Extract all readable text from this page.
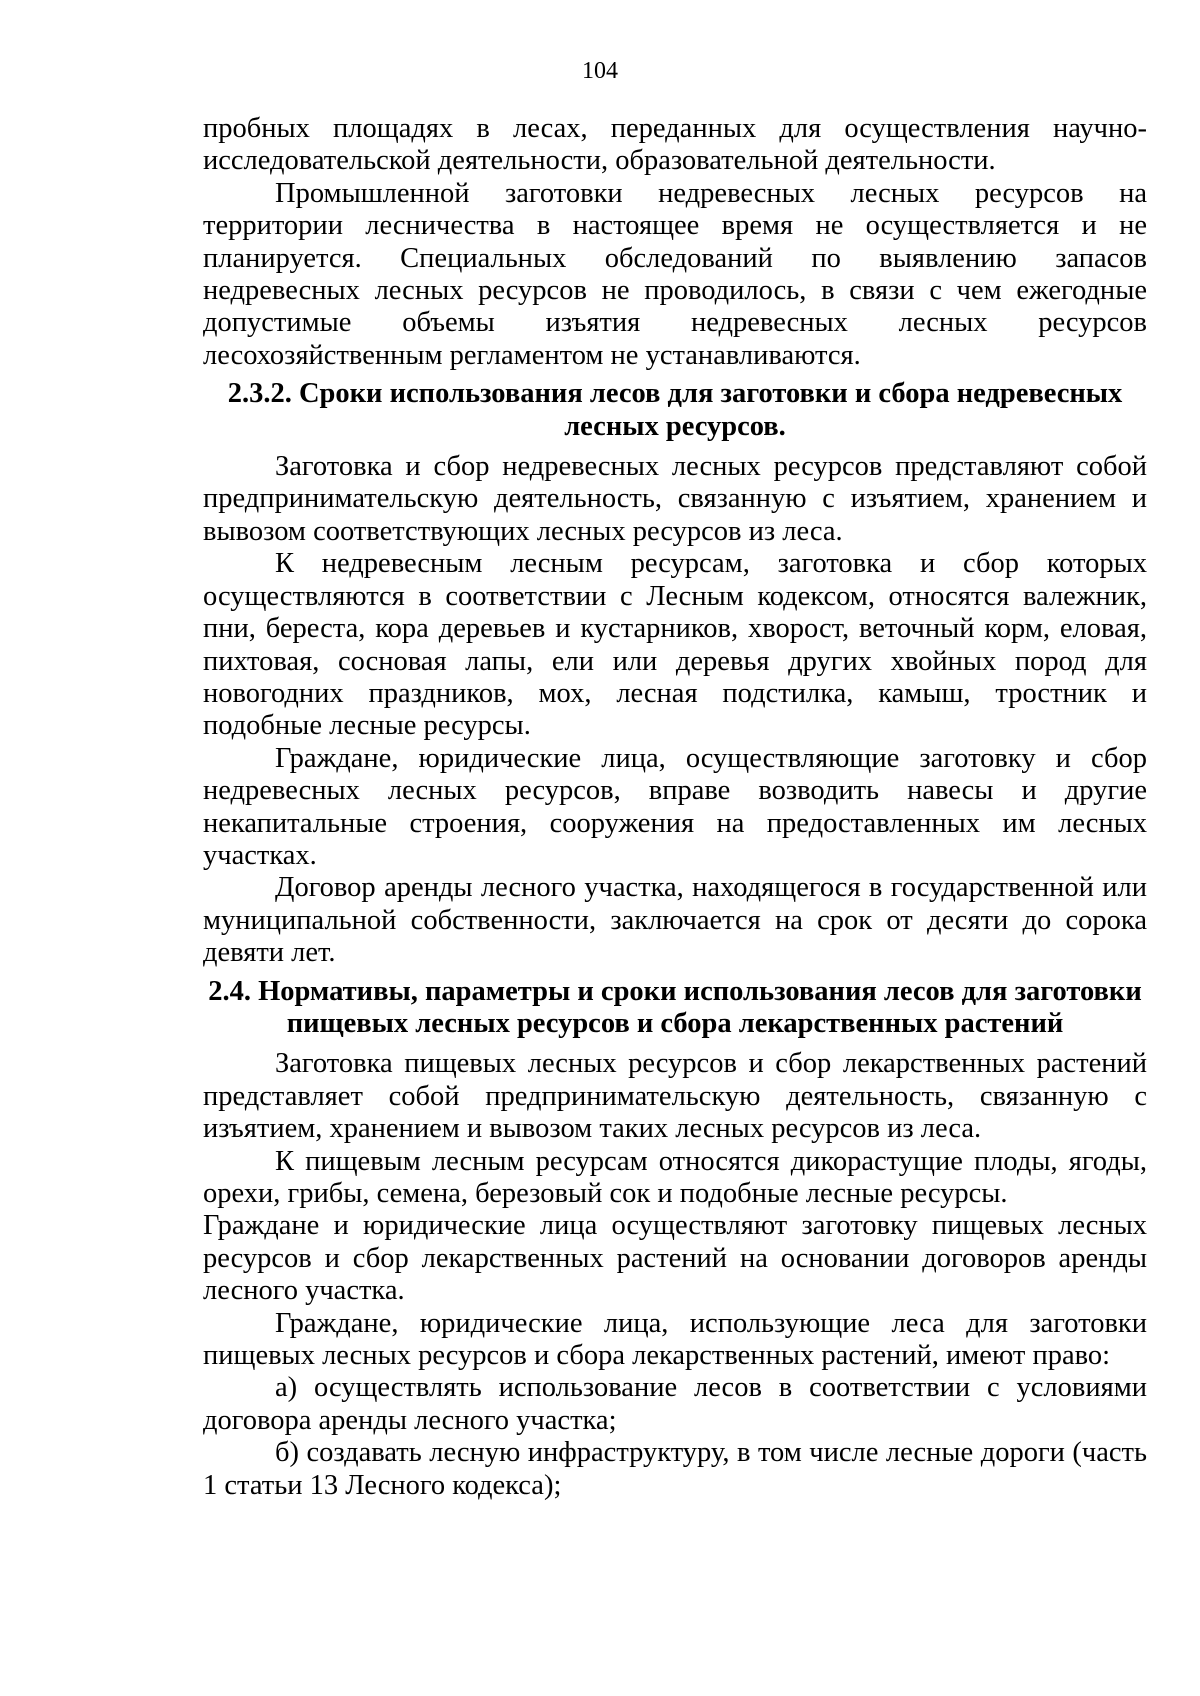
104

пробных площадях в лесах, переданных для осуществления научно-исследовательской деятельности, образовательной деятельности.

Промышленной заготовки недревесных лесных ресурсов на территории лесничества в настоящее время не осуществляется и не планируется. Специальных обследований по выявлению запасов недревесных лесных ресурсов не проводилось, в связи с чем ежегодные допустимые объемы изъятия недревесных лесных ресурсов лесохозяйственным регламентом не устанавливаются.

2.3.2. Сроки использования лесов для заготовки и сбора недревесных лесных ресурсов.

Заготовка и сбор недревесных лесных ресурсов представляют собой предпринимательскую деятельность, связанную с изъятием, хранением и вывозом соответствующих лесных ресурсов из леса.

К недревесным лесным ресурсам, заготовка и сбор которых осуществляются в соответствии с Лесным кодексом, относятся валежник, пни, береста, кора деревьев и кустарников, хворост, веточный корм, еловая, пихтовая, сосновая лапы, ели или деревья других хвойных пород для новогодних праздников, мох, лесная подстилка, камыш, тростник и подобные лесные ресурсы.

Граждане, юридические лица, осуществляющие заготовку и сбор недревесных лесных ресурсов, вправе возводить навесы и другие некапитальные строения, сооружения на предоставленных им лесных участках.

Договор аренды лесного участка, находящегося в государственной или муниципальной собственности, заключается на срок от десяти до сорока девяти лет.

2.4. Нормативы, параметры и сроки использования лесов для заготовки пищевых лесных ресурсов и сбора лекарственных растений

Заготовка пищевых лесных ресурсов и сбор лекарственных растений представляет собой предпринимательскую деятельность, связанную с изъятием, хранением и вывозом таких лесных ресурсов из леса.

К пищевым лесным ресурсам относятся дикорастущие плоды, ягоды, орехи, грибы, семена, березовый сок и подобные лесные ресурсы.

Граждане и юридические лица осуществляют заготовку пищевых лесных ресурсов и сбор лекарственных растений на основании договоров аренды лесного участка.

Граждане, юридические лица, использующие леса для заготовки пищевых лесных ресурсов и сбора лекарственных растений, имеют право:

а) осуществлять использование лесов в соответствии с условиями договора аренды лесного участка;

б) создавать лесную инфраструктуру, в том числе лесные дороги (часть 1 статьи 13 Лесного кодекса);
